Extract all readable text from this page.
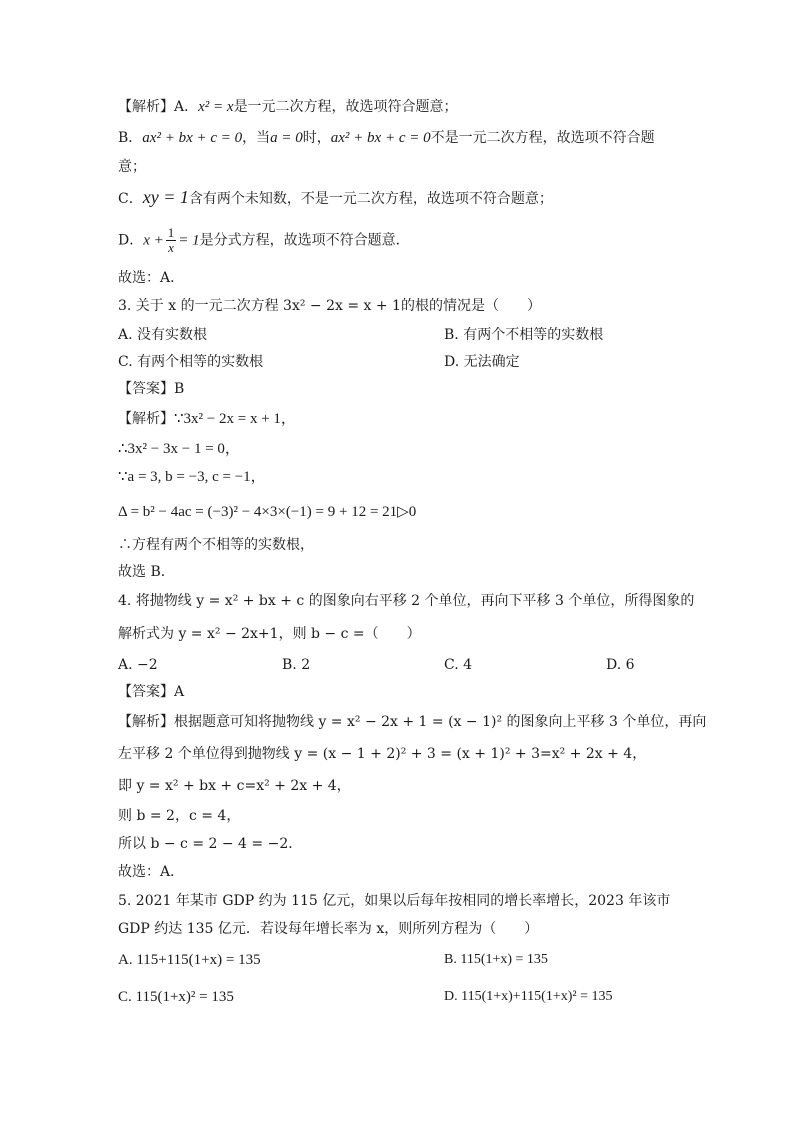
【解析】A．x² = x是一元二次方程，故选项符合题意；
B．ax² + bx + c = 0，当a = 0时，ax² + bx + c = 0不是一元二次方程，故选项不符合题
意；
C．xy = 1含有两个未知数，不是一元二次方程，故选项不符合题意；
D．$x + \frac{1}{x} = 1$是分式方程，故选项不符合题意．
故选：A．
3. 关于 x 的一元二次方程 3x² − 2x = x + 1的根的情况是（　　）
A. 没有实数根	B. 有两个不相等的实数根
C. 有两个相等的实数根	D. 无法确定
【答案】B
【解析】∵3x² − 2x = x + 1，
∴3x² − 3x − 1 = 0，
∵a = 3, b = −3, c = −1，
Δ = b² − 4ac = (−3)² − 4×3×(−1) = 9 + 12 = 21▷0
∴方程有两个不相等的实数根，
故选 B．
4. 将抛物线 y = x² + bx + c 的图象向右平移 2 个单位，再向下平移 3 个单位，所得图象的
解析式为 y = x² − 2x+1，则 b − c =（　　）
A. −2	B. 2	C. 4	D. 6
【答案】A
【解析】根据题意可知将抛物线 y = x² − 2x + 1 = (x − 1)² 的图象向上平移 3 个单位，再向
左平移 2 个单位得到抛物线 y = (x − 1 + 2)² + 3 = (x + 1)² + 3=x² + 2x + 4，
即 y = x² + bx + c=x² + 2x + 4，
则 b = 2，c = 4，
所以 b − c = 2 − 4 = −2．
故选：A．
5. 2021 年某市 GDP 约为 115 亿元，如果以后每年按相同的增长率增长，2023 年该市
GDP 约达 135 亿元．若设每年增长率为 x，则所列方程为（　　）
A. 115+115(1+x) = 135	B. 115(1+x) = 135
C. 115(1+x)² = 135	D. 115(1+x)+115(1+x)² = 135
